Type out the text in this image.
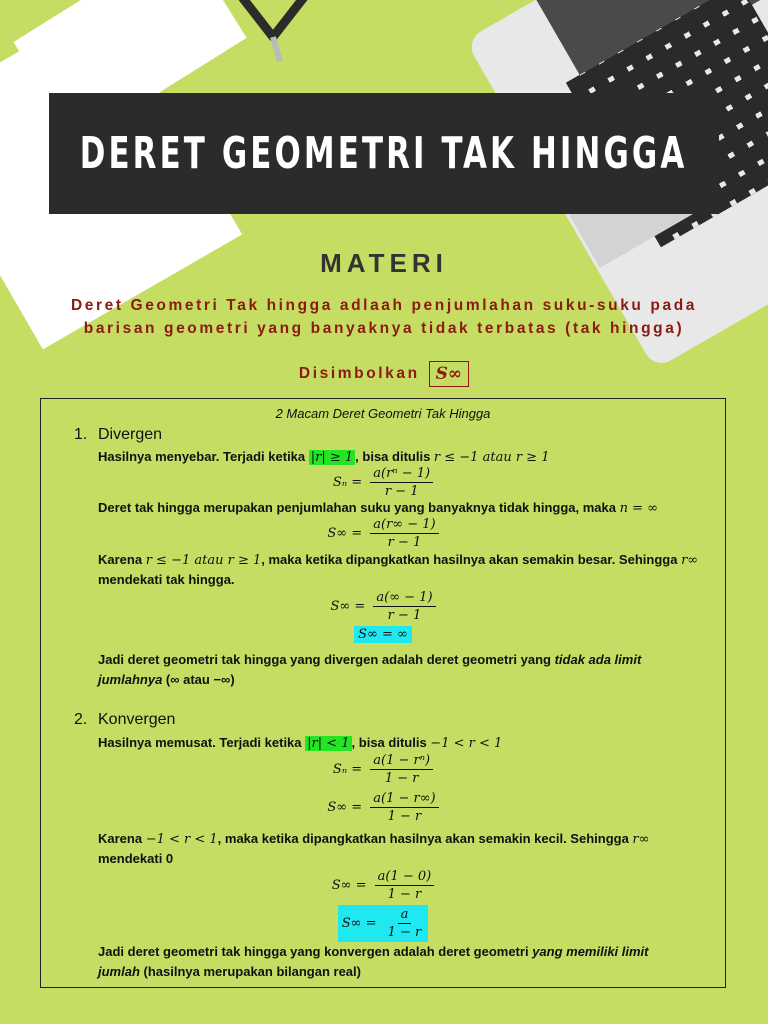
DERET GEOMETRI TAK HINGGA
MATERI
Deret Geometri Tak hingga adlaah penjumlahan suku-suku pada barisan geometri yang banyaknya tidak terbatas (tak hingga)
Disimbolkan S∞
2 Macam Deret Geometri Tak Hingga
1. Divergen
Hasilnya menyebar. Terjadi ketika |r| ≥ 1 , bisa ditulis r ≤ −1 atau r ≥ 1
$S_n = \frac{\text{a(rⁿ − 1)}}{r - 1}$
Deret tak hingga merupakan penjumlahan suku yang banyaknya tidak hingga, maka n = ∞
$S\infty = \frac{a(r\infty - 1)}{r - 1}$
Karena r ≤ −1 atau r ≥ 1, maka ketika dipangkatkan hasilnya akan semakin besar. Sehingga r∞
mendekati tak hingga.
$S\infty = \frac{a(\infty - 1)}{r - 1}$
S∞ = ∞
Jadi deret geometri tak hingga yang divergen adalah deret geometri yang tidak ada limit
jumlahnya (∞ atau −∞)
2. Konvergen
Hasilnya memusat. Terjadi ketika |r| < 1 , bisa ditulis −1 < r < 1
$S_n = \frac{\text{a(1 − rⁿ)}}{1 - r}$
$S\infty = \frac{a(1 - r\infty)}{1 - r}$
Karena −1 < r < 1, maka ketika dipangkatkan hasilnya akan semakin kecil. Sehingga r∞
mendekati 0
$S\infty = \frac{a(1 - 0)}{1 - r}$
$S\infty = \frac{a}{1 - r}$
Jadi deret geometri tak hingga yang konvergen adalah deret geometri yang memiliki limit
jumlah (hasilnya merupakan bilangan real)
